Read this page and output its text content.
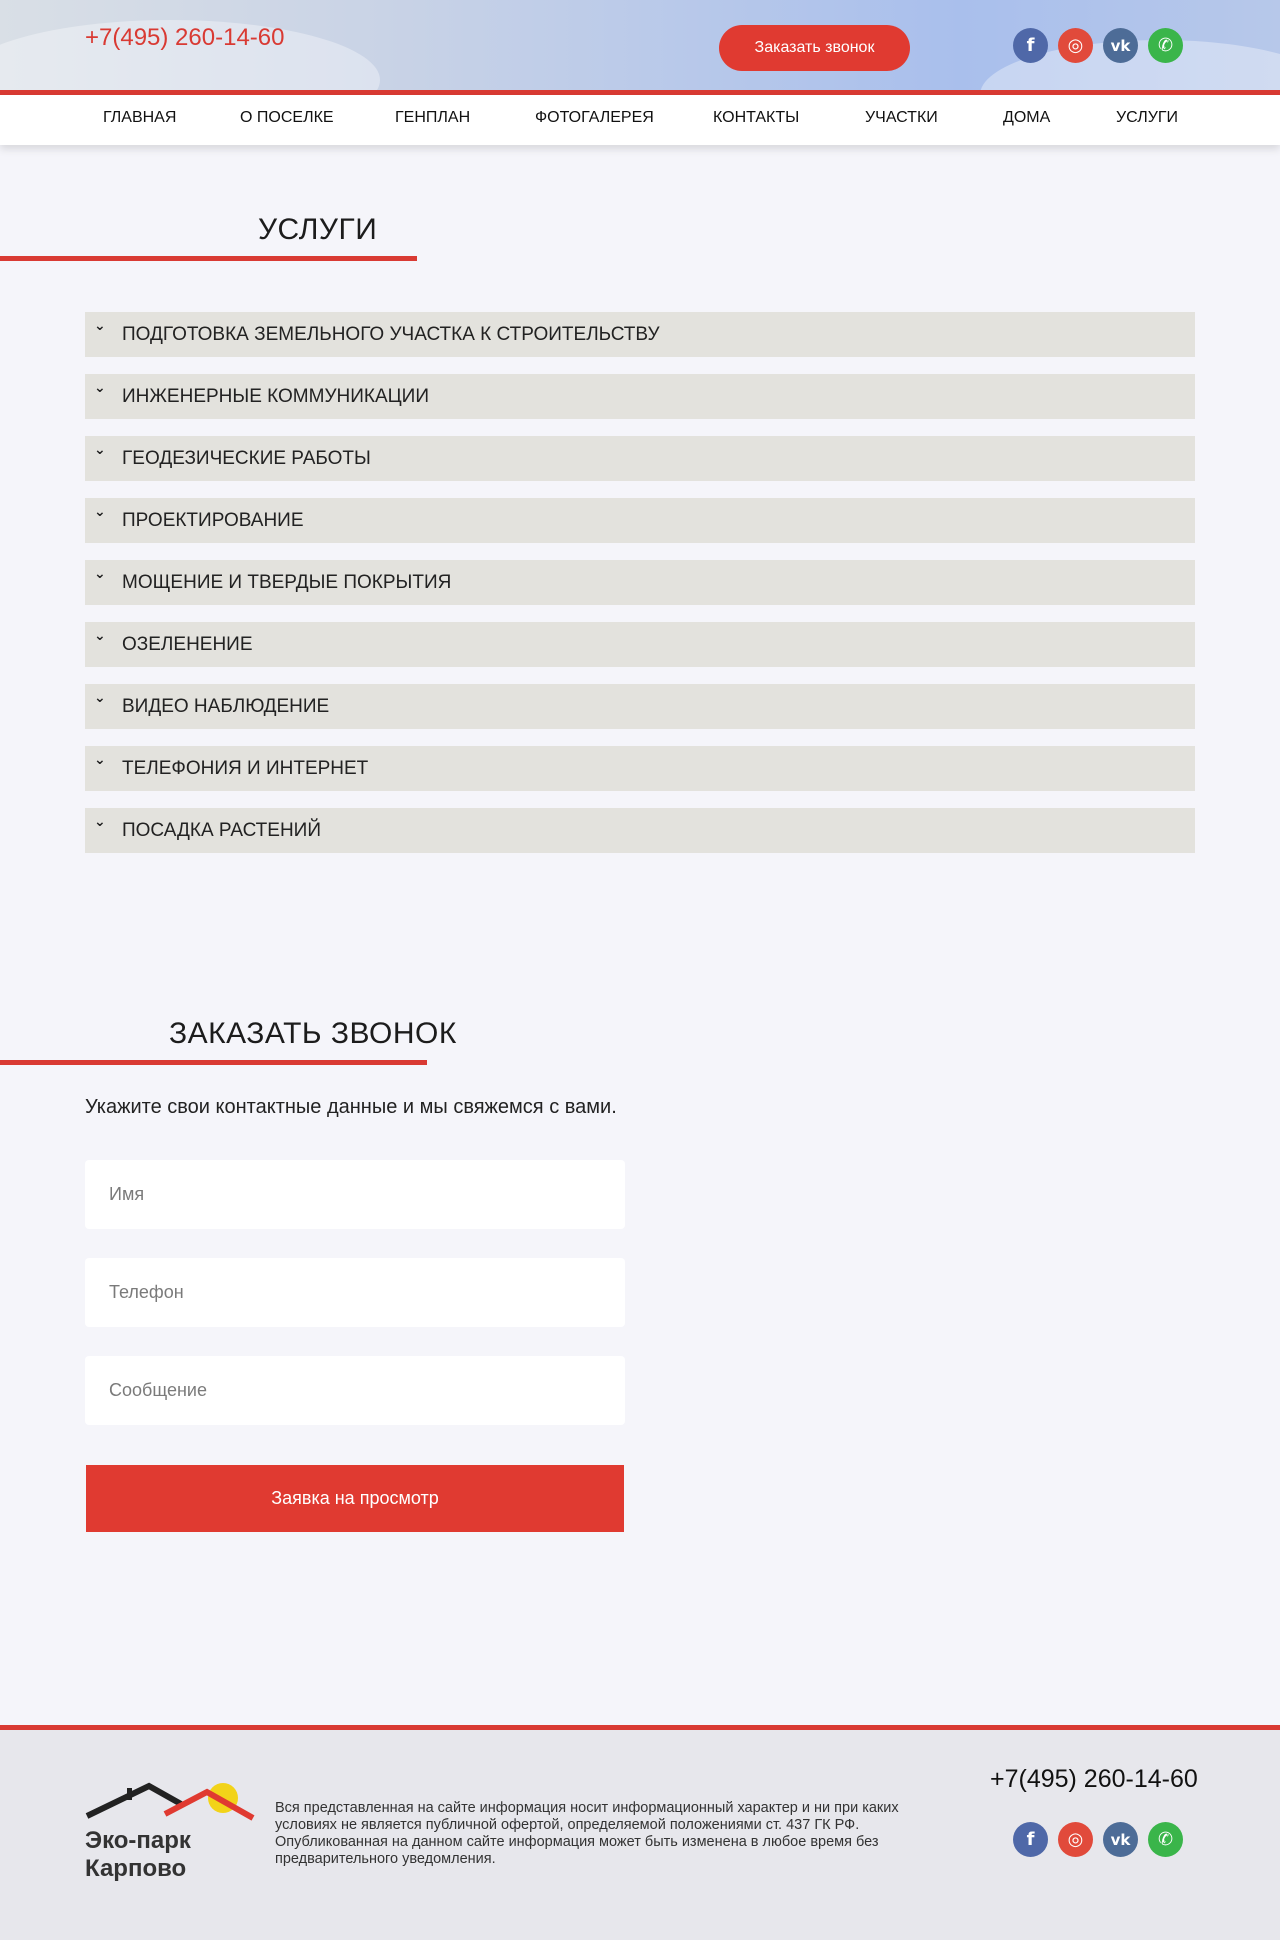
+7(495) 260-14-60	Заказать звонок	f	◎	vk	✆
ГЛАВНАЯ	О ПОСЕЛКЕ	ГЕНПЛАН	ФОТОГАЛЕРЕЯ	КОНТАКТЫ	УЧАСТКИ	ДОМА	УСЛУГИ
УСЛУГИ
⌄ ПОДГОТОВКА ЗЕМЕЛЬНОГО УЧАСТКА К СТРОИТЕЛЬСТВУ
⌄ ИНЖЕНЕРНЫЕ КОММУНИКАЦИИ
⌄ ГЕОДЕЗИЧЕСКИЕ РАБОТЫ
⌄ ПРОЕКТИРОВАНИЕ
⌄ МОЩЕНИЕ И ТВЕРДЫЕ ПОКРЫТИЯ
⌄ ОЗЕЛЕНЕНИЕ
⌄ ВИДЕО НАБЛЮДЕНИЕ
⌄ ТЕЛЕФОНИЯ И ИНТЕРНЕТ
⌄ ПОСАДКА РАСТЕНИЙ
ЗАКАЗАТЬ ЗВОНОК
Укажите свои контактные данные и мы свяжемся с вами.
Имя
Телефон
Сообщение
Заявка на просмотр
Эко-парк
Карпово
Вся представленная на сайте информация носит информационный характер и ни при каких условиях не является публичной офертой, определяемой положениями ст. 437 ГК РФ. Опубликованная на данном сайте информация может быть изменена в любое время без предварительного уведомления.
+7(495) 260-14-60
f	◎	vk	✆
